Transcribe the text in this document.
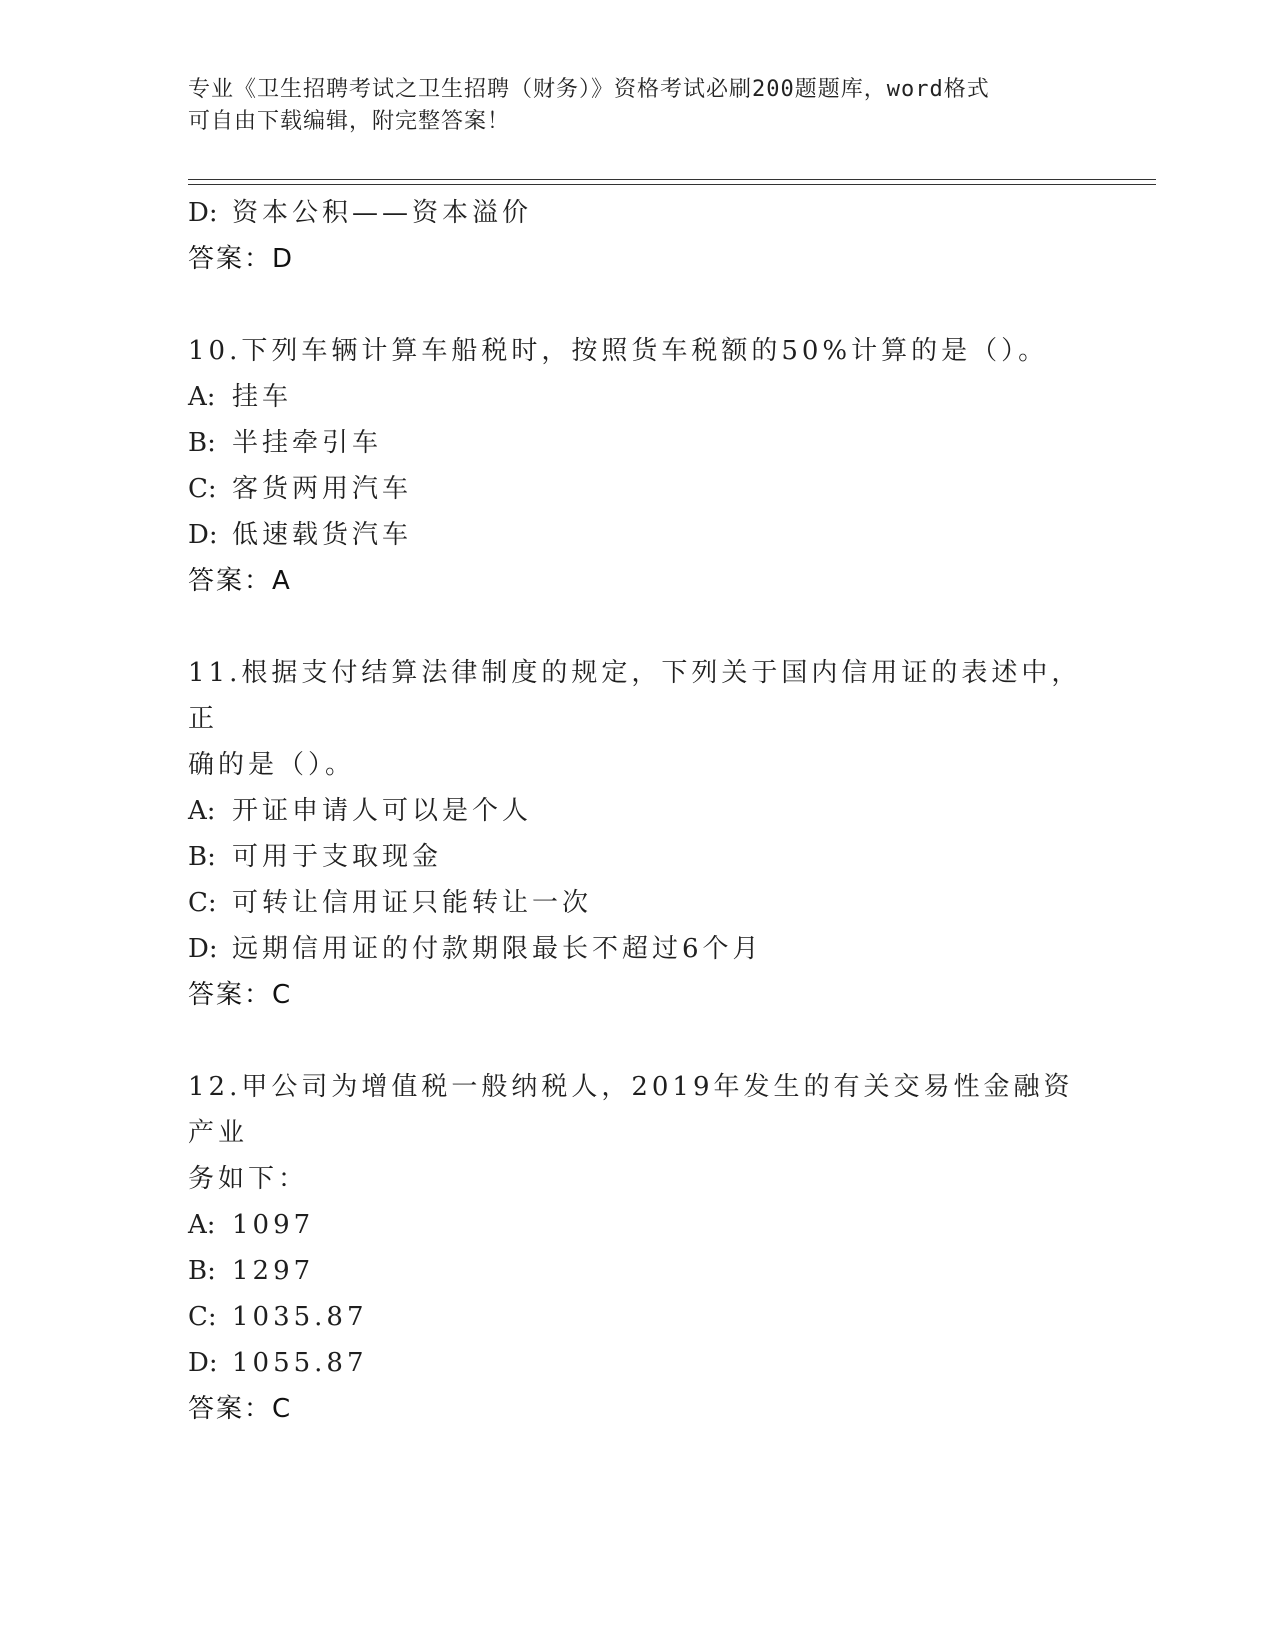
专业《卫生招聘考试之卫生招聘（财务）》资格考试必刷200题题库，word格式
可自由下载编辑，附完整答案！
D: 资本公积——资本溢价
答案：D
10.下列车辆计算车船税时，按照货车税额的50%计算的是（）。
A: 挂车
B: 半挂牵引车
C: 客货两用汽车
D: 低速载货汽车
答案：A
11.根据支付结算法律制度的规定，下列关于国内信用证的表述中，正
确的是（）。
A: 开证申请人可以是个人
B: 可用于支取现金
C: 可转让信用证只能转让一次
D: 远期信用证的付款期限最长不超过6个月
答案：C
12.甲公司为增值税一般纳税人，2019年发生的有关交易性金融资产业
务如下：
A: 1097
B: 1297
C: 1035.87
D: 1055.87
答案：C
